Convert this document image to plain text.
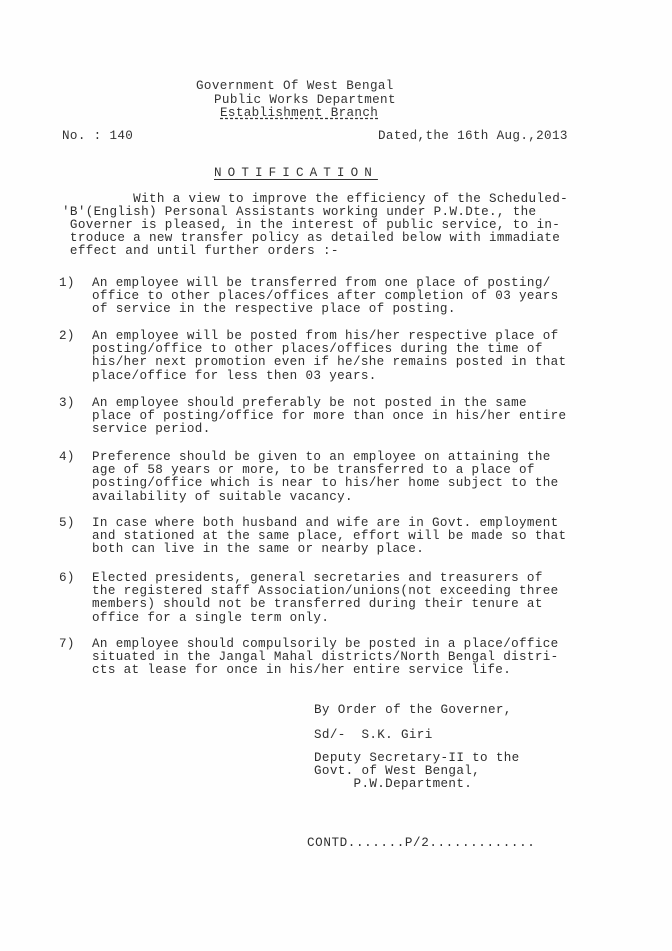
Government Of West Bengal
Public Works Department
Establishment Branch
No. : 140	Dated,the 16th Aug.,2013
NOTIFICATION
With a view to improve the efficiency of the Scheduled-
'B'(English) Personal Assistants working under P.W.Dte., the
Governer is pleased, in the interest of public service, to in-
troduce a new transfer policy as detailed below with immadiate
effect and until further orders :-
1) An employee will be transferred from one place of posting/
office to other places/offices after completion of 03 years
of service in the respective place of posting.
2) An employee will be posted from his/her respective place of
posting/office to other places/offices during the time of
his/her next promotion even if he/she remains posted in that
place/office for less then 03 years.
3) An employee should preferably be not posted in the same
place of posting/office for more than once in his/her entire
service period.
4) Preference should be given to an employee on attaining the
age of 58 years or more, to be transferred to a place of
posting/office which is near to his/her home subject to the
availability of suitable vacancy.
5) In case where both husband and wife are in Govt. employment
and stationed at the same place, effort will be made so that
both can live in the same or nearby place.
6) Elected presidents, general secretaries and treasurers of
the registered staff Association/unions(not exceeding three
members) should not be transferred during their tenure at
office for a single term only.
7) An employee should compulsorily be posted in a place/office
situated in the Jangal Mahal districts/North Bengal distri-
cts at lease for once in his/her entire service life.
By Order of the Governer,
Sd/-  S.K. Giri
Deputy Secretary-II to the
Govt. of West Bengal,
P.W.Department.
CONTD.......P/2.............
